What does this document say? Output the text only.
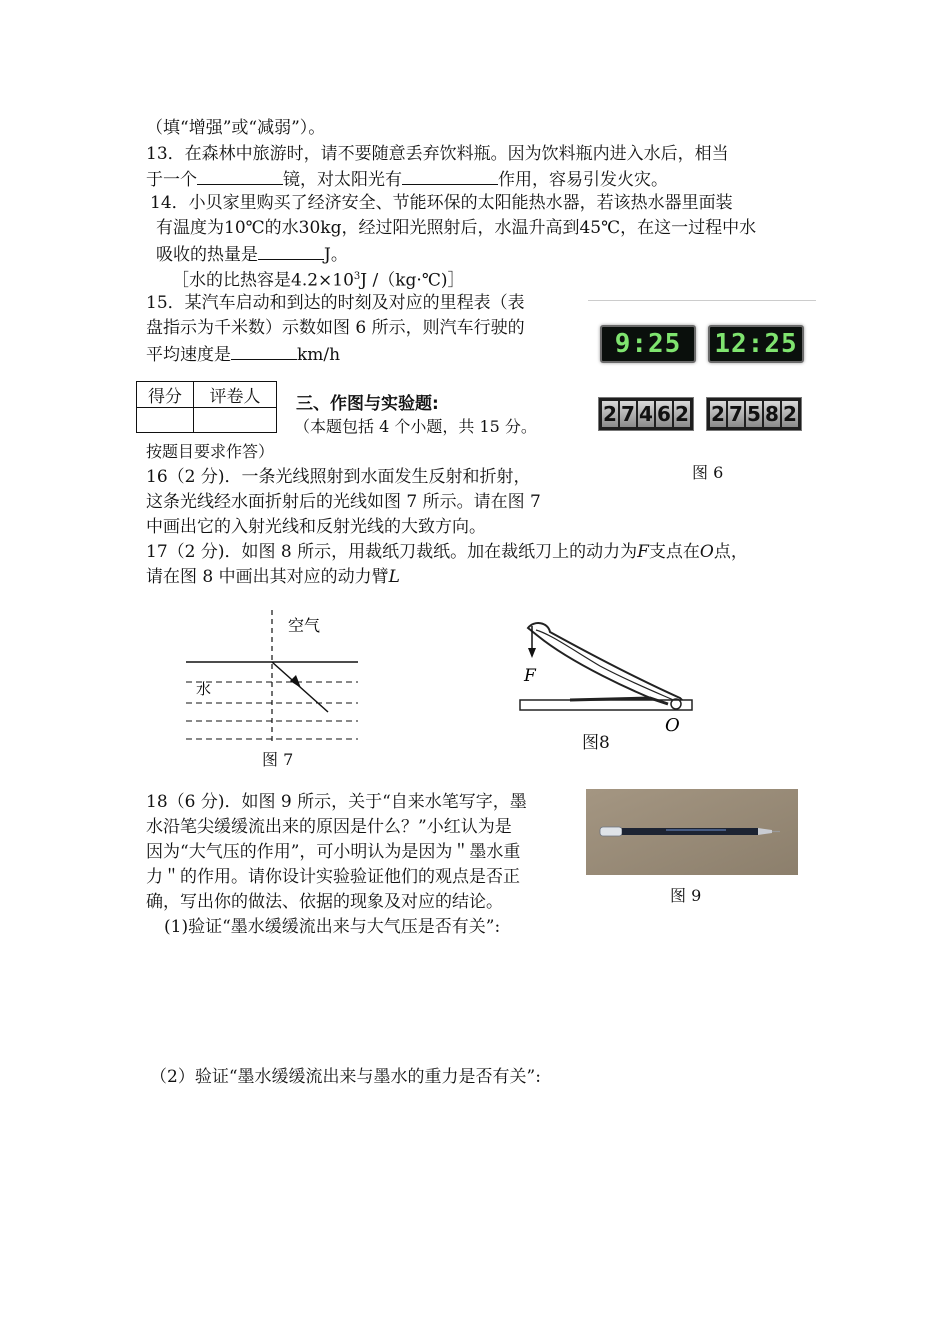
（填“增强”或“减弱”）。
13．在森林中旅游时，请不要随意丢弃饮料瓶。因为饮料瓶内进入水后，相当
于一个	镜，对太阳光有	作用，容易引发火灾。
14．小贝家里购买了经济安全、节能环保的太阳能热水器，若该热水器里面装
有温度为10℃的水30kg，经过阳光照射后，水温升高到45℃，在这一过程中水
吸收的热量是	J。
［水的比热容是$4.2\times 10^3J$ /（kg·℃)］
15．某汽车启动和到达的时刻及对应的里程表（表
盘指示为千米数）示数如图 6 所示，则汽车行驶的
平均速度是	km/h	9:25	12:25
2 7 4 6 2 2 7 5 8 2
图 6
得分	评卷人
	三、作图与实验题:
（本题包括 4 个小题，共 15 分。
按题目要求作答）
16（2 分)．一条光线照射到水面发生反射和折射，
这条光线经水面折射后的光线如图 7 所示。请在图 7
中画出它的入射光线和反射光线的大致方向。
17（2 分)．如图 8 所示，用裁纸刀裁纸。加在裁纸刀上的动力为F支点在O点，
请在图 8 中画出其对应的动力臂L
空气
水
图 7
F
O
图8
18（6 分)．如图 9 所示，关于“自来水笔写字，墨
水沿笔尖缓缓流出来的原因是什么？”小红认为是
因为“大气压的作用”，可小明认为是因为＂墨水重
力＂的作用。请你设计实验验证他们的观点是否正
确，写出你的做法、依据的现象及对应的结论。
(1)验证“墨水缓缓流出来与大气压是否有关”:
（2）验证“墨水缓缓流出来与墨水的重力是否有关”:
图 9
